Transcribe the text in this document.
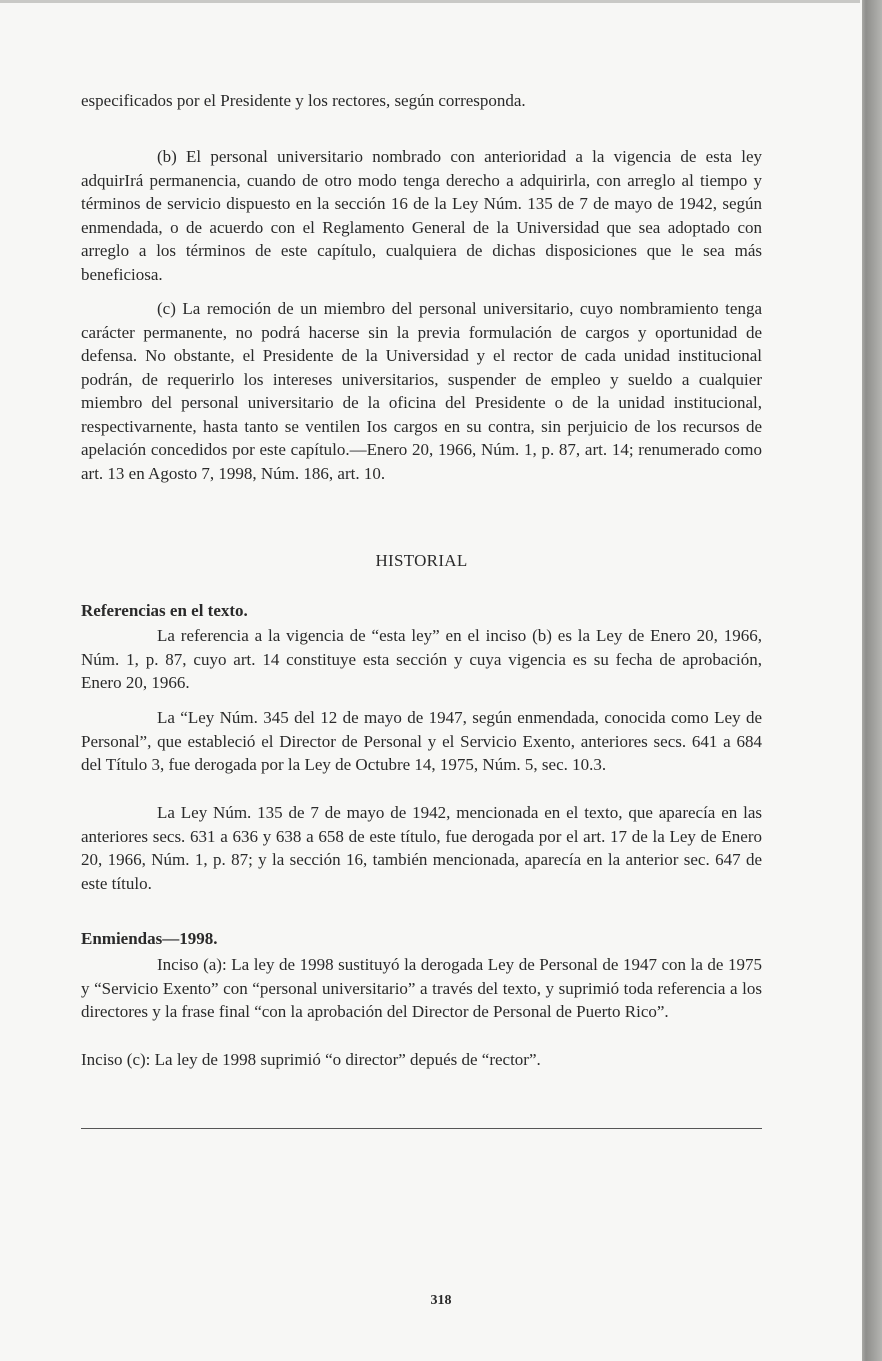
especificados por el Presidente y los rectores, según corresponda.

(b) El personal universitario nombrado con anterioridad a la vigencia de esta ley adquirIrá permanencia, cuando de otro modo tenga derecho a adquirirla, con arreglo al tiempo y términos de servicio dispuesto en la sección 16 de la Ley Núm. 135 de 7 de mayo de 1942, según enmendada, o de acuerdo con el Reglamento General de la Universidad que sea adoptado con arreglo a los términos de este capítulo, cualquiera de dichas disposiciones que le sea más beneficiosa.

(c) La remoción de un miembro del personal universitario, cuyo nombramiento tenga carácter permanente, no podrá hacerse sin la previa formulación de cargos y oportunidad de defensa. No obstante, el Presidente de la Universidad y el rector de cada unidad institucional podrán, de requerirlo los intereses universitarios, suspender de empleo y sueldo a cualquier miembro del personal universitario de la oficina del Presidente o de la unidad institucional, respectivarnente, hasta tanto se ventilen Ios cargos en su contra, sin perjuicio de los recursos de apelación concedidos por este capítulo.—Enero 20, 1966, Núm. 1, p. 87, art. 14; renumerado como art. 13 en Agosto 7, 1998, Núm. 186, art. 10.

HISTORIAL

Referencias en el texto.

La referencia a la vigencia de “esta ley” en el inciso (b) es la Ley de Enero 20, 1966, Núm. 1, p. 87, cuyo art. 14 constituye esta sección y cuya vigencia es su fecha de aprobación, Enero 20, 1966.

La “Ley Núm. 345 del 12 de mayo de 1947, según enmendada, conocida como Ley de Personal”, que estableció el Director de Personal y el Servicio Exento, anteriores secs. 641 a 684 del Título 3, fue derogada por la Ley de Octubre 14, 1975, Núm. 5, sec. 10.3.

La Ley Núm. 135 de 7 de mayo de 1942, mencionada en el texto, que aparecía en las anteriores secs. 631 a 636 y 638 a 658 de este título, fue derogada por el art. 17 de la Ley de Enero 20, 1966, Núm. 1, p. 87; y la sección 16, también mencionada, aparecía en la anterior sec. 647 de este título.

Enmiendas—1998.

Inciso (a): La ley de 1998 sustituyó la derogada Ley de Personal de 1947 con la de 1975 y “Servicio Exento” con “personal universitario” a través del texto, y suprimió toda referencia a los directores y la frase final “con la aprobación del Director de Personal de Puerto Rico”.

Inciso (c): La ley de 1998 suprimió “o director” depués de “rector”.

318
